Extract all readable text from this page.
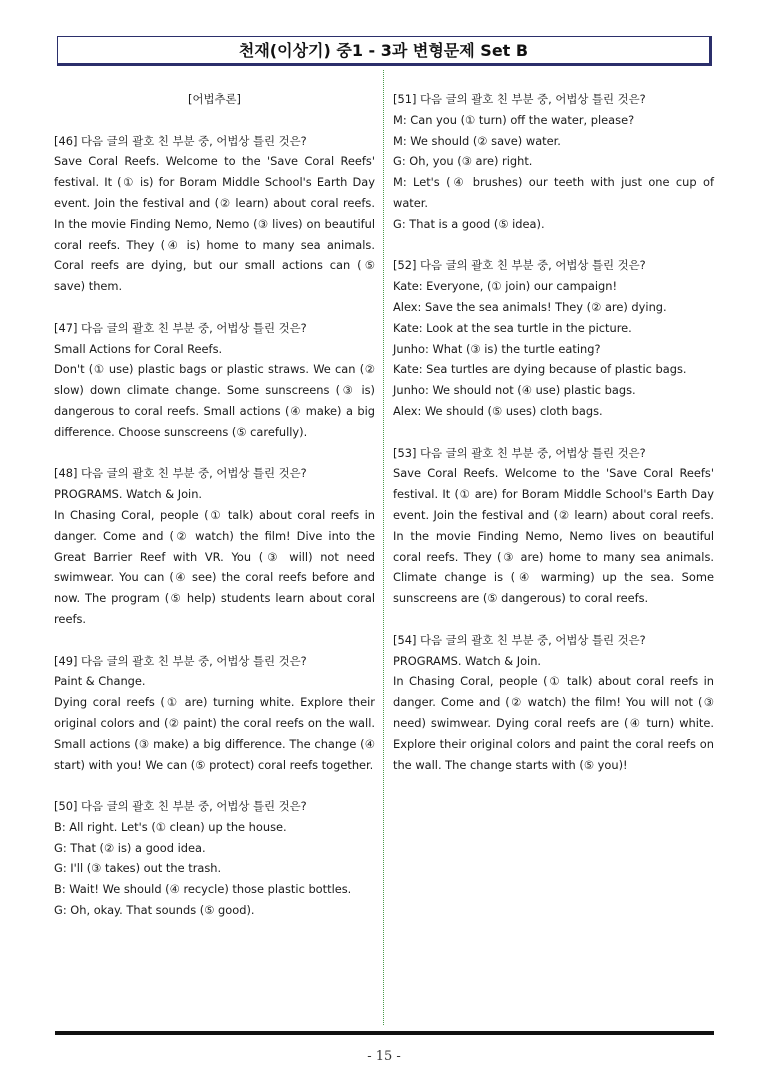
천재(이상기) 중1 - 3과 변형문제 Set B

[어법추론]

[46] 다음 글의 괄호 친 부분 중, 어법상 틀린 것은?

Save Coral Reefs. Welcome to the 'Save Coral Reefs' festival. It (① is) for Boram Middle School's Earth Day event. Join the festival and (② learn) about coral reefs. In the movie Finding Nemo, Nemo (③ lives) on beautiful coral reefs. They (④ is) home to many sea animals. Coral reefs are dying, but our small actions can (⑤ save) them.

[47] 다음 글의 괄호 친 부분 중, 어법상 틀린 것은?

Small Actions for Coral Reefs.

Don't (① use) plastic bags or plastic straws. We can (② slow) down climate change. Some sunscreens (③ is) dangerous to coral reefs. Small actions (④ make) a big difference. Choose sunscreens (⑤ carefully).

[48] 다음 글의 괄호 친 부분 중, 어법상 틀린 것은?

PROGRAMS. Watch & Join.

In Chasing Coral, people (① talk) about coral reefs in danger. Come and (② watch) the film! Dive into the Great Barrier Reef with VR. You (③ will) not need swimwear. You can (④ see) the coral reefs before and now. The program (⑤ help) students learn about coral reefs.

[49] 다음 글의 괄호 친 부분 중, 어법상 틀린 것은?

Paint & Change.

Dying coral reefs (① are) turning white. Explore their original colors and (② paint) the coral reefs on the wall. Small actions (③ make) a big difference. The change (④ start) with you! We can (⑤ protect) coral reefs together.

[50] 다음 글의 괄호 친 부분 중, 어법상 틀린 것은?

B: All right. Let's (① clean) up the house.

G: That (② is) a good idea.

G: I'll (③ takes) out the trash.

B: Wait! We should (④ recycle) those plastic bottles.

G: Oh, okay. That sounds (⑤ good).

[51] 다음 글의 괄호 친 부분 중, 어법상 틀린 것은?

M: Can you (① turn) off the water, please?

M: We should (② save) water.

G: Oh, you (③ are) right.

M: Let's (④ brushes) our teeth with just one cup of water.

G: That is a good (⑤ idea).

[52] 다음 글의 괄호 친 부분 중, 어법상 틀린 것은?

Kate: Everyone, (① join) our campaign!

Alex: Save the sea animals! They (② are) dying.

Kate: Look at the sea turtle in the picture.

Junho: What (③ is) the turtle eating?

Kate: Sea turtles are dying because of plastic bags.

Junho: We should not (④ use) plastic bags.

Alex: We should (⑤ uses) cloth bags.

[53] 다음 글의 괄호 친 부분 중, 어법상 틀린 것은?

Save Coral Reefs. Welcome to the 'Save Coral Reefs' festival. It (① are) for Boram Middle School's Earth Day event. Join the festival and (② learn) about coral reefs. In the movie Finding Nemo, Nemo lives on beautiful coral reefs. They (③ are) home to many sea animals. Climate change is (④ warming) up the sea. Some sunscreens are (⑤ dangerous) to coral reefs.

[54] 다음 글의 괄호 친 부분 중, 어법상 틀린 것은?

PROGRAMS. Watch & Join.

In Chasing Coral, people (① talk) about coral reefs in danger. Come and (② watch) the film! You will not (③ need) swimwear. Dying coral reefs are (④ turn) white. Explore their original colors and paint the coral reefs on the wall. The change starts with (⑤ you)!

- 15 -
